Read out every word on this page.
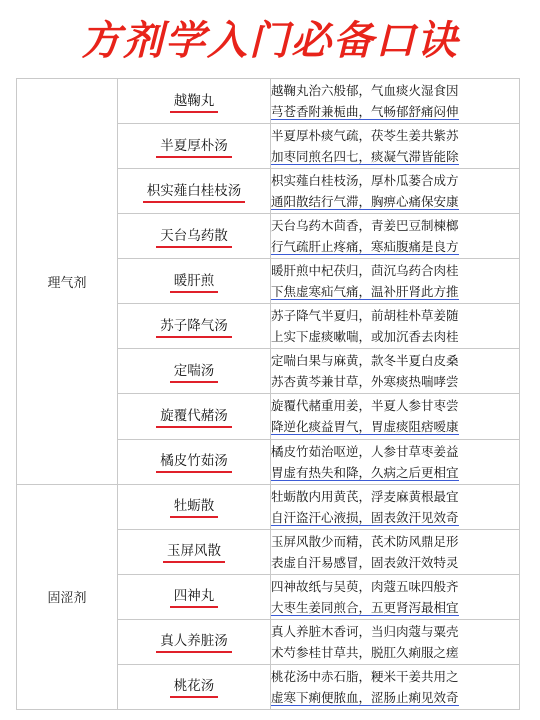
方剂学入门必备口诀
理气剂	越鞠丸	越鞠丸治六般郁，气血痰火湿食因
芎苍香附兼栀曲，气畅郁舒痛闷伸

	半夏厚朴汤	半夏厚朴痰气疏，茯苓生姜共紫苏
加枣同煎名四七，痰凝气滞皆能除

	枳实薤白桂枝汤	枳实薤白桂枝汤，厚朴瓜蒌合成方
通阳散结行气滞，胸痹心痛保安康

	天台乌药散	天台乌药木茴香，青姜巴豆制楝榔
行气疏肝止疼痛，寒疝腹痛是良方

	暖肝煎	暖肝煎中杞茯归，茴沉乌药合肉桂
下焦虚寒疝气痛，温补肝肾此方推

	苏子降气汤	苏子降气半夏归，前胡桂朴草姜随
上实下虚痰嗽喘，或加沉香去肉桂

	定喘汤	定喘白果与麻黄，款冬半夏白皮桑
苏杏黄芩兼甘草，外寒痰热喘哮尝

	旋覆代赭汤	旋覆代赭重用姜，半夏人参甘枣尝
降逆化痰益胃气，胃虚痰阻痞嗳康

	橘皮竹茹汤	橘皮竹茹治呕逆，人参甘草枣姜益
胃虚有热失和降，久病之后更相宜

固涩剂	牡蛎散	牡蛎散内用黄芪，浮麦麻黄根最宜
自汗盗汗心液损，固表敛汗见效奇

	玉屏风散	玉屏风散少而精，芪术防风鼎足形
表虚自汗易感冒，固表敛汗效特灵

	四神丸	四神故纸与吴萸，肉蔻五味四般齐
大枣生姜同煎合，五更肾泻最相宜

	真人养脏汤	真人养脏木香诃，当归肉蔻与粟壳
术芍参桂甘草共，脱肛久痢服之瘥

	桃花汤	桃花汤中赤石脂，粳米干姜共用之
虚寒下痢便脓血，涩肠止痢见效奇
